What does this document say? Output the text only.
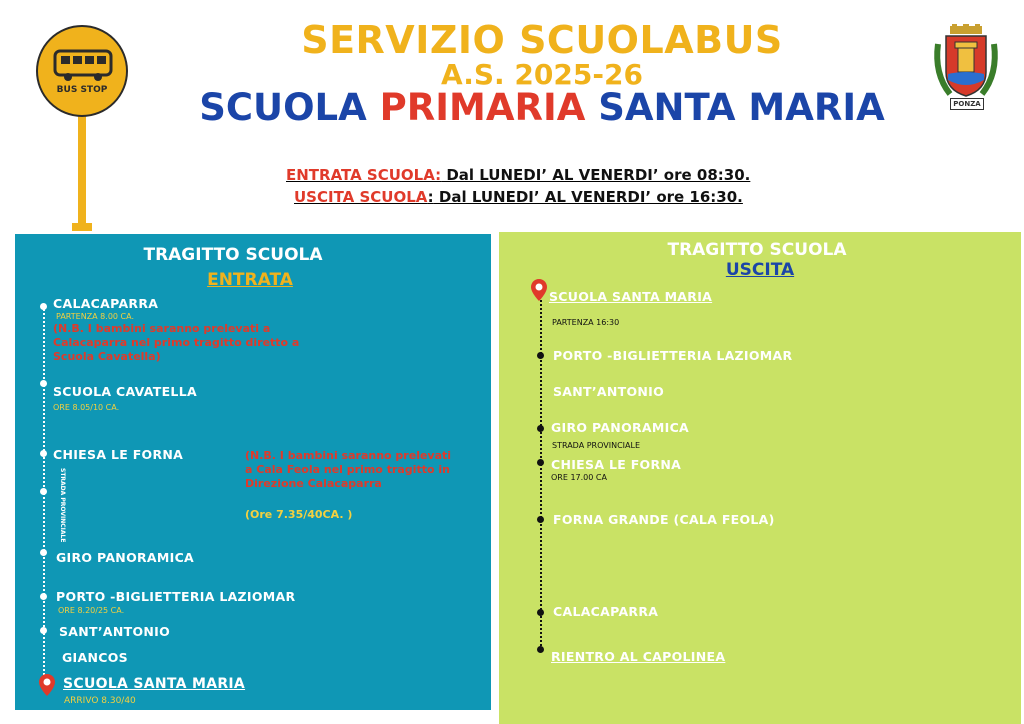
BUS STOP
SERVIZIO SCUOLABUS
A.S. 2025-26
SCUOLA PRIMARIA SANTA MARIA	PONZA
ENTRATA SCUOLA: Dal LUNEDI’ AL VENERDI’ ore 08:30.
USCITA SCUOLA: Dal LUNEDI’ AL VENERDI’ ore 16:30.
TRAGITTO SCUOLA
ENTRATA
CALACAPARRA
PARTENZA 8.00 CA.
(N.B. I bambini saranno prelevati a Calacaparra nel primo tragitto diretto a Scuola Cavatella)
SCUOLA CAVATELLA
ORE 8.05/10 CA.
CHIESA LE FORNA
STRADA PROVINCIALE
(N.B. I bambini saranno prelevati a Cala Feola nel primo tragitto in Direzione Calacaparra
(Ore 7.35/40CA. )
GIRO PANORAMICA
PORTO -BIGLIETTERIA LAZIOMAR
ORE 8.20/25 CA.
SANT’ANTONIO
GIANCOS
SCUOLA SANTA MARIA
ARRIVO 8.30/40
TRAGITTO SCUOLA
USCITA
SCUOLA SANTA MARIA
PARTENZA 16:30
PORTO -BIGLIETTERIA LAZIOMAR
SANT’ANTONIO
GIRO PANORAMICA
STRADA PROVINCIALE
CHIESA LE FORNA
ORE 17.00 CA
FORNA GRANDE (CALA FEOLA)
CALACAPARRA
RIENTRO AL CAPOLINEA
